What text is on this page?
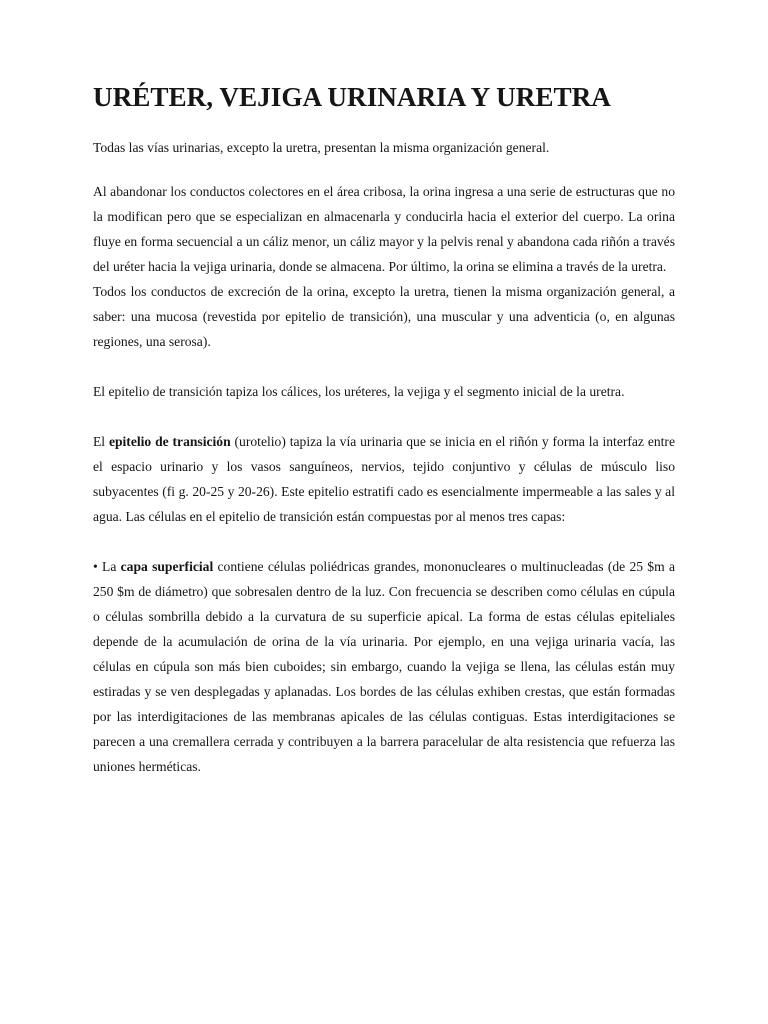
URÉTER, VEJIGA URINARIA Y URETRA

Todas las vías urinarias, excepto la uretra, presentan la misma organización general.

Al abandonar los conductos colectores en el área cribosa, la orina ingresa a una serie de estructuras que no la modifican pero que se especializan en almacenarla y conducirla hacia el exterior del cuerpo. La orina fluye en forma secuencial a un cáliz menor, un cáliz mayor y la pelvis renal y abandona cada riñón a través del uréter hacia la vejiga urinaria, donde se almacena. Por último, la orina se elimina a través de la uretra.

Todos los conductos de excreción de la orina, excepto la uretra, tienen la misma organización general, a saber: una mucosa (revestida por epitelio de transición), una muscular y una adventicia (o, en algunas regiones, una serosa).

El epitelio de transición tapiza los cálices, los uréteres, la vejiga y el segmento inicial de la uretra.

El epitelio de transición (urotelio) tapiza la vía urinaria que se inicia en el riñón y forma la interfaz entre el espacio urinario y los vasos sanguíneos, nervios, tejido conjuntivo y células de músculo liso subyacentes (fi g. 20-25 y 20-26). Este epitelio estratifi cado es esencialmente impermeable a las sales y al agua. Las células en el epitelio de transición están compuestas por al menos tres capas:

• La capa superficial contiene células poliédricas grandes, mononucleares o multinucleadas (de 25 $m a 250 $m de diámetro) que sobresalen dentro de la luz. Con frecuencia se describen como células en cúpula o células sombrilla debido a la curvatura de su superficie apical. La forma de estas células epiteliales depende de la acumulación de orina de la vía urinaria. Por ejemplo, en una vejiga urinaria vacía, las células en cúpula son más bien cuboides; sin embargo, cuando la vejiga se llena, las células están muy estiradas y se ven desplegadas y aplanadas. Los bordes de las células exhiben crestas, que están formadas por las interdigitaciones de las membranas apicales de las células contiguas. Estas interdigitaciones se parecen a una cremallera cerrada y contribuyen a la barrera paracelular de alta resistencia que refuerza las uniones herméticas.
